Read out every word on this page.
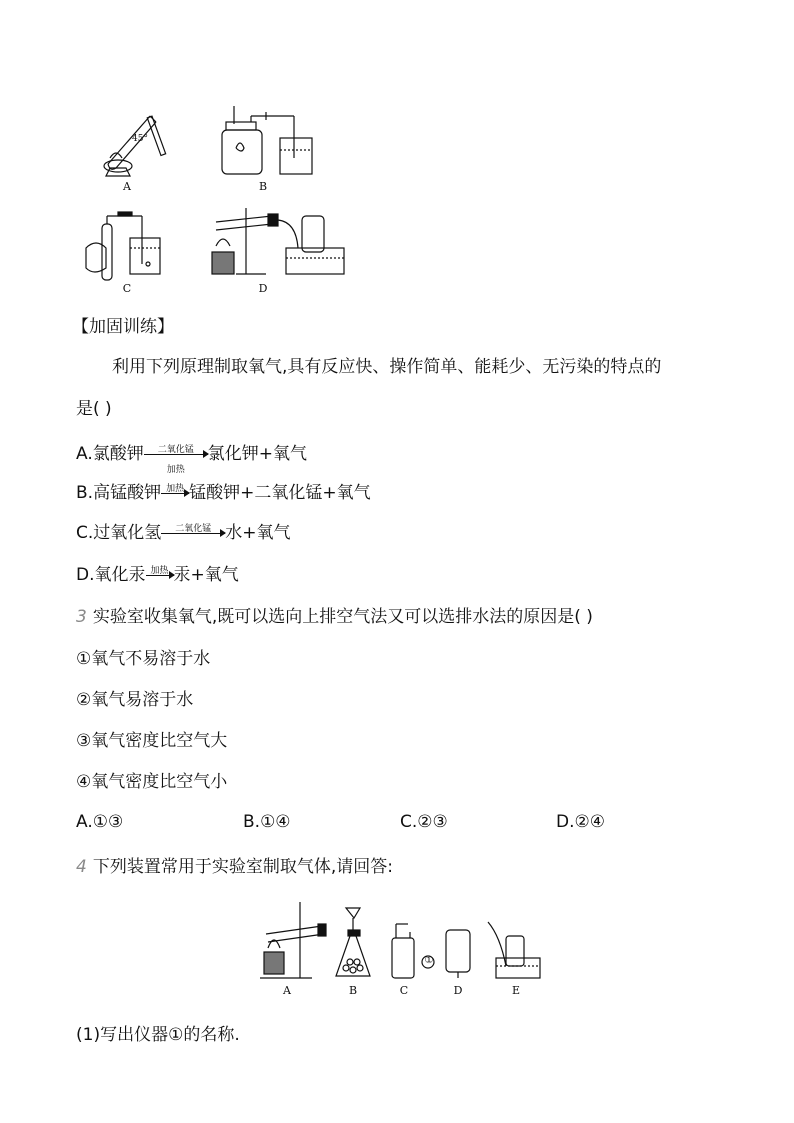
A	B
C	D
45°
【加固训练】
利用下列原理制取氧气,具有反应快、操作简单、能耗少、无污染的特点的
是( )
A.氯酸钾	二氧化锰
加热
氯化钾+氧气
B.高锰酸钾 加热 锰酸钾+二氧化锰+氧气
C.过氧化氢	二氧化锰 水+氧气
D.氧化汞 加热 汞+氧气
3 实验室收集氧气,既可以选向上排空气法又可以选排水法的原因是( )
①氧气不易溶于水
②氧气易溶于水
③氧气密度比空气大
④氧气密度比空气小
A.①③	B.①④	C.②③	D.②④
4 下列装置常用于实验室制取气体,请回答:
A	B	C	D	E
①
(1)写出仪器①的名称.
